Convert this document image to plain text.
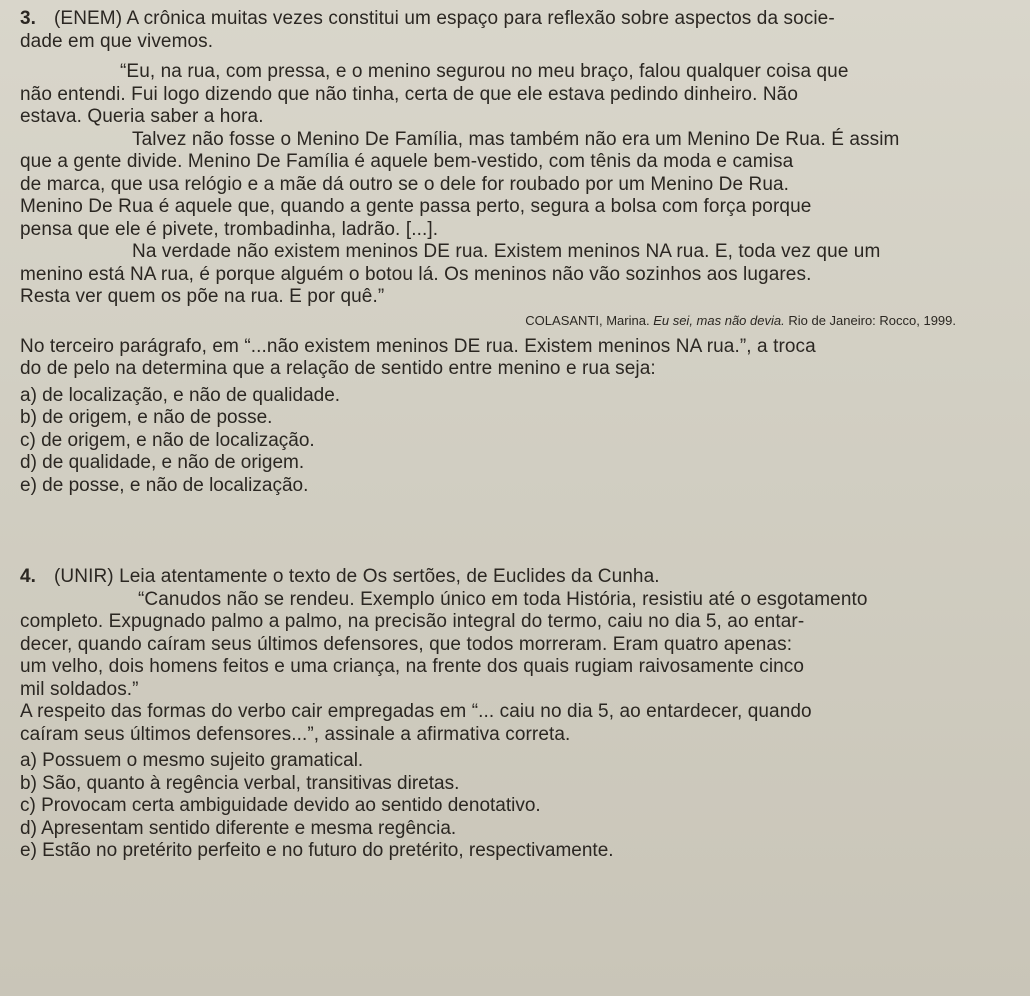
3. (ENEM) A crônica muitas vezes constitui um espaço para reflexão sobre aspectos da socie-

dade em que vivemos.

“Eu, na rua, com pressa, e o menino segurou no meu braço, falou qualquer coisa que

não entendi. Fui logo dizendo que não tinha, certa de que ele estava pedindo dinheiro. Não

estava. Queria saber a hora.

Talvez não fosse o Menino De Família, mas também não era um Menino De Rua. É assim

que a gente divide. Menino De Família é aquele bem-vestido, com tênis da moda e camisa

de marca, que usa relógio e a mãe dá outro se o dele for roubado por um Menino De Rua.

Menino De Rua é aquele que, quando a gente passa perto, segura a bolsa com força porque

pensa que ele é pivete, trombadinha, ladrão. [...].

Na verdade não existem meninos DE rua. Existem meninos NA rua. E, toda vez que um

menino está NA rua, é porque alguém o botou lá. Os meninos não vão sozinhos aos lugares.

Resta ver quem os põe na rua. E por quê.”

COLASANTI, Marina. Eu sei, mas não devia. Rio de Janeiro: Rocco, 1999.

No terceiro parágrafo, em “...não existem meninos DE rua. Existem meninos NA rua.”, a troca

do de pelo na determina que a relação de sentido entre menino e rua seja:

a) de localização, e não de qualidade.

b) de origem, e não de posse.

c) de origem, e não de localização.

d) de qualidade, e não de origem.

e) de posse, e não de localização.

4. (UNIR) Leia atentamente o texto de Os sertões, de Euclides da Cunha.

“Canudos não se rendeu. Exemplo único em toda História, resistiu até o esgotamento

completo. Expugnado palmo a palmo, na precisão integral do termo, caiu no dia 5, ao entar-

decer, quando caíram seus últimos defensores, que todos morreram. Eram quatro apenas:

um velho, dois homens feitos e uma criança, na frente dos quais rugiam raivosamente cinco

mil soldados.”

A respeito das formas do verbo cair empregadas em “... caiu no dia 5, ao entardecer, quando

caíram seus últimos defensores...”, assinale a afirmativa correta.

a) Possuem o mesmo sujeito gramatical.

b) São, quanto à regência verbal, transitivas diretas.

c) Provocam certa ambiguidade devido ao sentido denotativo.

d) Apresentam sentido diferente e mesma regência.

e) Estão no pretérito perfeito e no futuro do pretérito, respectivamente.
